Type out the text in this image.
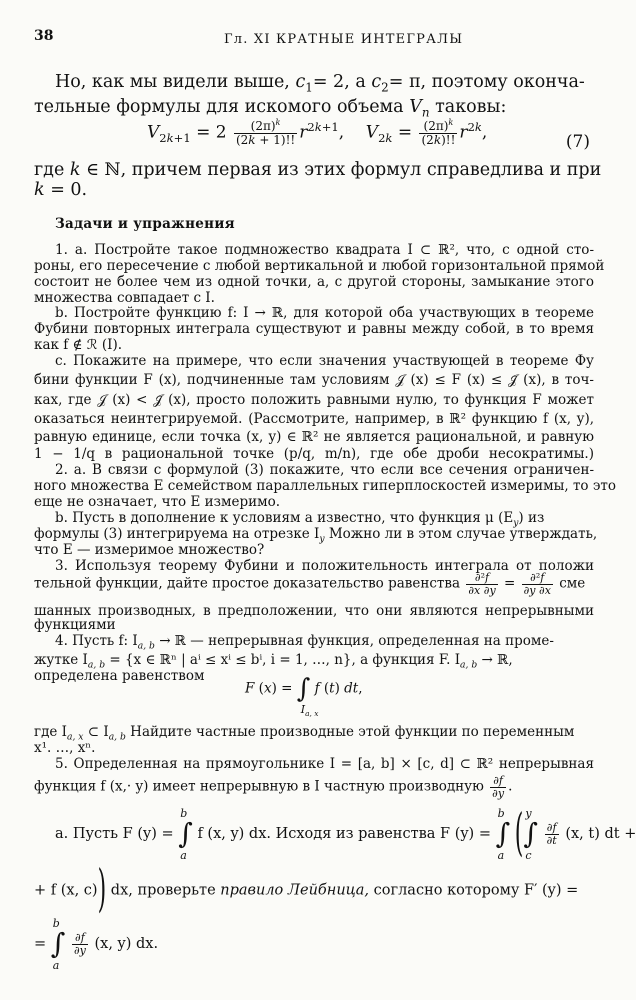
38	Гл. XI КРАТНЫЕ ИНТЕГРАЛЫ
Но, как мы видели выше, $c_1= 2$, а $c_2= \pi$, поэтому оконча-
тельные формулы для искомого объема $V_n$ таковы:
$V_{2k+1} = 2 \frac{(2\pi)^k}{(2k + 1)!!} r^{2k+1}$,    $V_{2k} = \frac{(2\pi)^k}{(2k)!!} r^{2k}$,	(7)
где k ∈ ℕ, причем первая из этих формул справедлива и при
k = 0.
Задачи и упражнения
1. а. Постройте такое подмножество квадрата I ⊂ ℝ², что, с одной сто-
роны, его пересечение с любой вертикальной и любой горизонтальной прямой
состоит не более чем из одной точки, а, с другой стороны, замыкание этого
множества совпадает с I.
b. Постройте функцию f: I → ℝ, для которой оба участвующих в теореме
Фубини повторных интеграла существуют и равны между собой, в то время
как f ∉ ℛ (I).
c. Покажите на примере, что если значения участвующей в теореме Фу
бини функции F (x), подчиненные там условиям 𝒥 (x) ≤ F (x) ≤ 𝒥̄ (x), в точ-
ках, где 𝒥 (x) < 𝒥̄ (x), просто положить равными нулю, то функция F может
оказаться неинтегрируемой. (Рассмотрите, например, в ℝ² функцию f (x, y),
равную единице, если точка (x, y) ∈ ℝ² не является рациональной, и равную
1 − 1/q в рациональной точке (p/q, m/n), где обе дроби несократимы.)
2. а. В связи с формулой (3) покажите, что если все сечения ограничен-
ного множества E семейством параллельных гиперплоскостей измеримы, то это
еще не означает, что E измеримо.
b. Пусть в дополнение к условиям а известно, что функция μ $(E_y)$ из
формулы (3) интегрируема на отрезке $I_y$ Можно ли в этом случае утверждать,
что E — измеримое множество?
3. Используя теорему Фубини и положительность интеграла от положи
тельной функции, дайте простое доказательство равенства $\frac{\text{∂²f}}{\partial x \partial y} = \frac{\text{∂²f}}{\partial y \partial x}$ сме
шанных производных, в предположении, что они являются непрерывными
функциями
4. Пусть f: $I_{a, b}$ → ℝ — непрерывная функция, определенная на проме-
жутке $I_{a, b} = \{x$ ∈ ℝⁿ | aⁱ ≤ xⁱ ≤ bⁱ, i = 1, …, n}, а функция F. $I_{a, b}$ → ℝ,
определена равенством
F (x) = ∫
$I_{a, x}$
f (t) dt,
где $I_{a, x}$ ⊂ $I_{a, b}$ Найдите частные производные этой функции по переменным
x¹. …, xⁿ.
5. Определенная на прямоугольнике I = [a, b] × [c, d] ⊂ ℝ² непрерывная
функция f (x,· y) имеет непрерывную в I частную производную $\frac{\partial f}{\partial y}$ .
а. Пусть F (y) = ∫
b
a
f (x, y) dx. Исходя из равенства F (y) = ∫
b
a (∫
y
c

$\frac{\partial f}{\partial t} (x$, t) dt +
+ f (x, c)) dx, проверьте правило Лейбница, согласно которому F′ (y) =
= ∫
b
a

$\frac{\partial f}{\partial y} (x$, y) dx.
